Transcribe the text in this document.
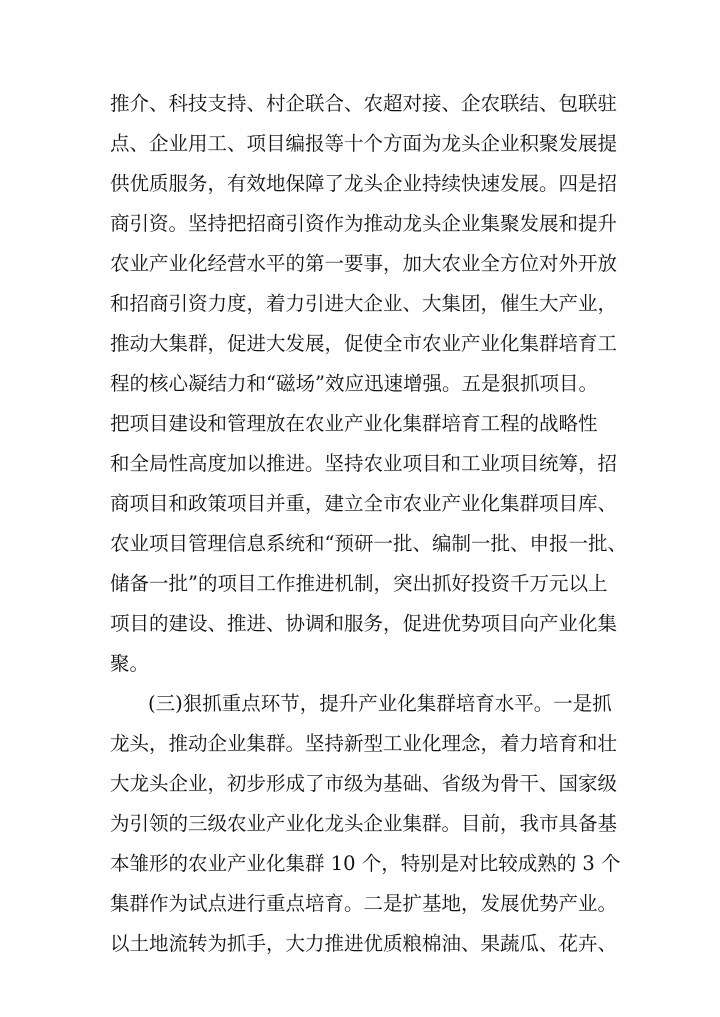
推介、科技支持、村企联合、农超对接、企农联结、包联驻
点、企业用工、项目编报等十个方面为龙头企业积聚发展提
供优质服务，有效地保障了龙头企业持续快速发展。四是招
商引资。坚持把招商引资作为推动龙头企业集聚发展和提升
农业产业化经营水平的第一要事，加大农业全方位对外开放
和招商引资力度，着力引进大企业、大集团，催生大产业，
推动大集群，促进大发展，促使全市农业产业化集群培育工
程的核心凝结力和“磁场”效应迅速增强。五是狠抓项目。
把项目建设和管理放在农业产业化集群培育工程的战略性
和全局性高度加以推进。坚持农业项目和工业项目统筹，招
商项目和政策项目并重，建立全市农业产业化集群项目库、
农业项目管理信息系统和“预研一批、编制一批、申报一批、
储备一批”的项目工作推进机制，突出抓好投资千万元以上
项目的建设、推进、协调和服务，促进优势项目向产业化集
聚。
(三)狠抓重点环节，提升产业化集群培育水平。一是抓
龙头，推动企业集群。坚持新型工业化理念，着力培育和壮
大龙头企业，初步形成了市级为基础、省级为骨干、国家级
为引领的三级农业产业化龙头企业集群。目前，我市具备基
本雏形的农业产业化集群 10 个，特别是对比较成熟的 3 个
集群作为试点进行重点培育。二是扩基地，发展优势产业。
以土地流转为抓手，大力推进优质粮棉油、果蔬瓜、花卉、
